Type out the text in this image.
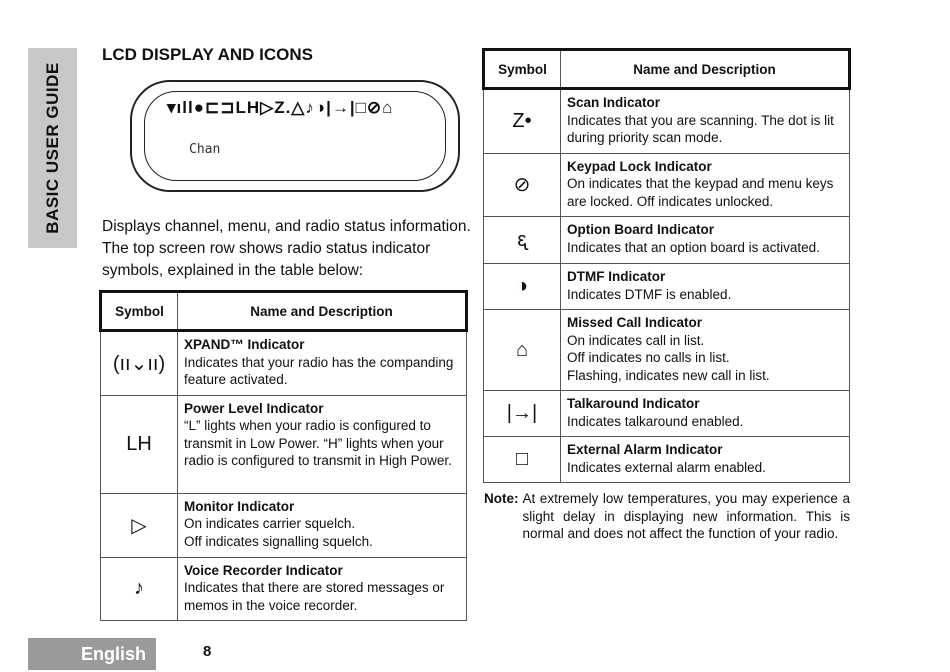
BASIC USER GUIDE
LCD DISPLAY AND ICONS
▾ıll●⊏⊐LH▷Z.△♪◑|→|□⊘⌂
Chan
Displays channel, menu, and radio status information. The top screen row shows radio status indicator symbols, explained in the table below:
Symbol	Name and Description
(ıı⌄ıı)	XPAND™ Indicator
Indicates that your radio has the companding feature activated.

LH	Power Level Indicator
“L” lights when your radio is configured to transmit in Low Power. “H” lights when your radio is configured to transmit in High Power.

▷	Monitor Indicator
On indicates carrier squelch.
Off indicates signalling squelch.

♪	Voice Recorder Indicator
Indicates that there are stored messages or memos in the voice recorder.
Symbol	Name and Description
Z•	Scan Indicator
Indicates that you are scanning. The dot is lit during priority scan mode.

⊘	Keypad Lock Indicator
On indicates that the keypad and menu keys are locked. Off indicates unlocked.

ᶓ	Option Board Indicator
Indicates that an option board is activated.

◑	DTMF Indicator
Indicates DTMF is enabled.

⌂	Missed Call Indicator
On indicates call in list.
Off indicates no calls in list.
Flashing, indicates new call in list.

|→|	Talkaround Indicator
Indicates talkaround enabled.

□	External Alarm Indicator
Indicates external alarm enabled.
Note: At extremely low temperatures, you may experience a slight delay in displaying new information. This is normal and does not affect the function of your radio.
English	8
